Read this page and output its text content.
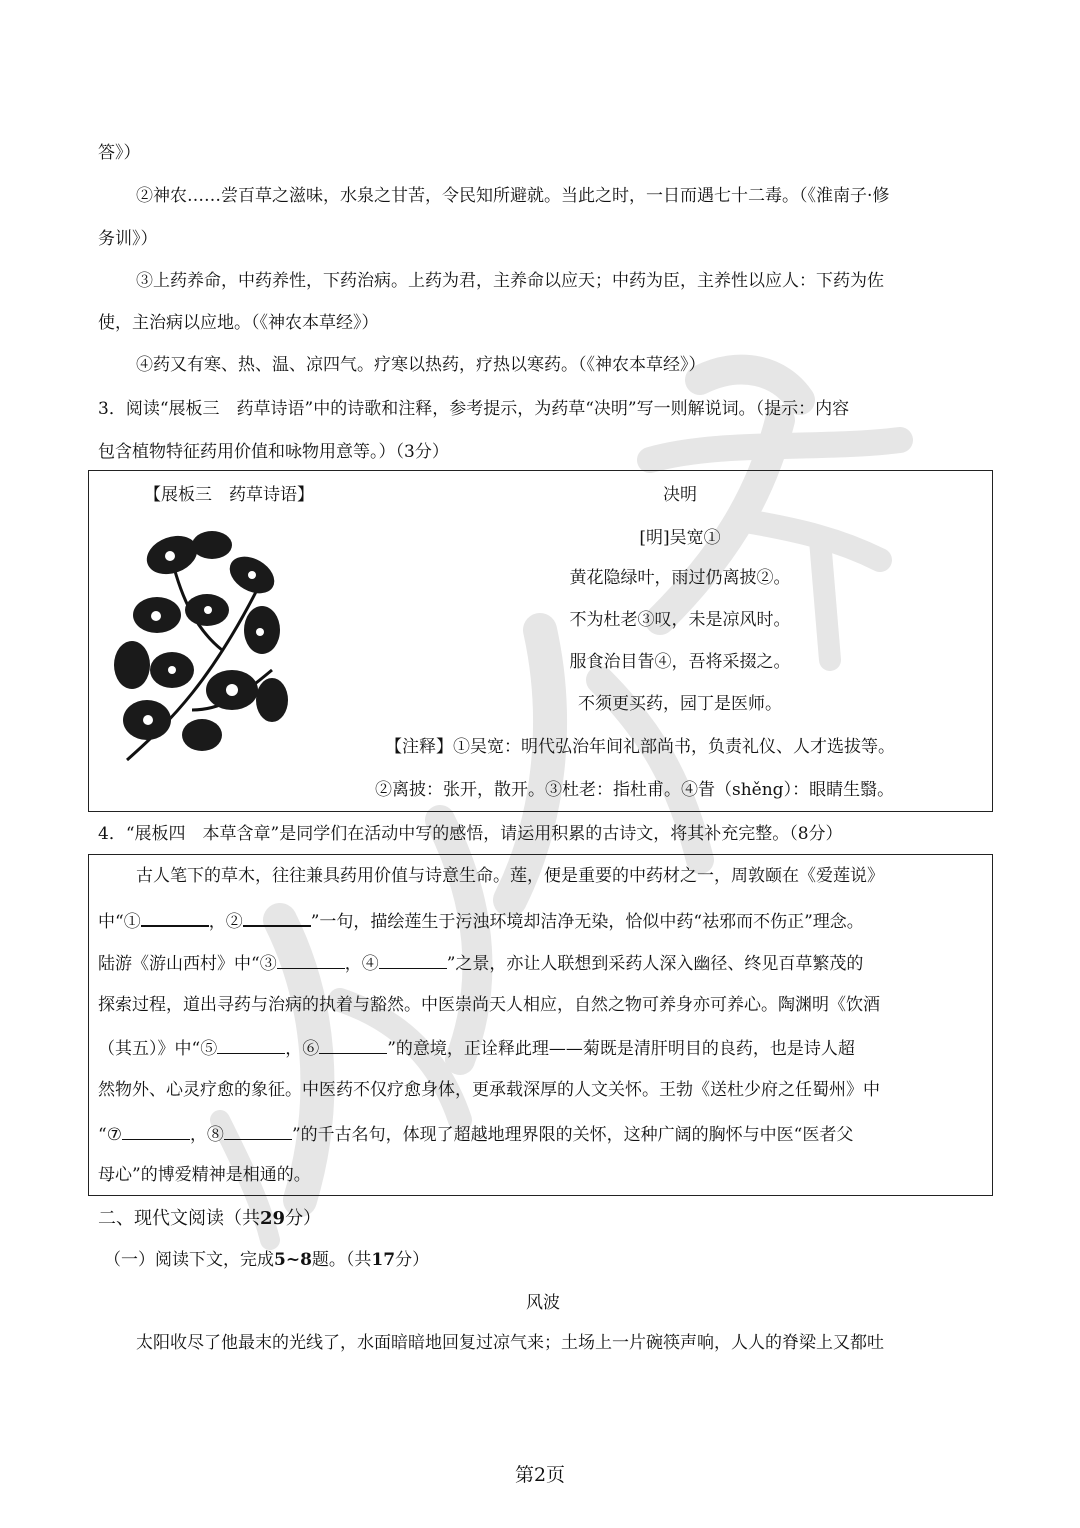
答》）
②神农……尝百草之滋味，水泉之甘苦，令民知所避就。当此之时，一日而遇七十二毒。（《淮南子·修
务训》）
③上药养命，中药养性，下药治病。上药为君，主养命以应天；中药为臣，主养性以应人：下药为佐
使，主治病以应地。（《神农本草经》）
④药又有寒、热、温、凉四气。疗寒以热药，疗热以寒药。（《神农本草经》）
3．阅读“展板三　药草诗语”中的诗歌和注释，参考提示，为药草“决明”写一则解说词。（提示：内容
包含植物特征药用价值和咏物用意等。）（3分）
【展板三　药草诗语】	决明
[明]吴宽①
黄花隐绿叶，雨过仍离披②。
不为杜老③叹，未是凉风时。
服食治目眚④，吾将采掇之。
不须更买药，园丁是医师。
【注释】①吴宽：明代弘治年间礼部尚书，负责礼仪、人才选拔等。
②离披：张开，散开。③杜老：指杜甫。④眚（shěng）：眼睛生翳。
4．“展板四　本草含章”是同学们在活动中写的感悟，请运用积累的古诗文，将其补充完整。（8分）
古人笔下的草木，往往兼具药用价值与诗意生命。莲，便是重要的中药材之一，周敦颐在《爱莲说》
中“①	，②	”一句，描绘莲生于污浊环境却洁净无染，恰似中药“祛邪而不伤正”理念。
陆游《游山西村》中“③	，④	”之景，亦让人联想到采药人深入幽径、终见百草繁茂的
探索过程，道出寻药与治病的执着与豁然。中医崇尚天人相应，自然之物可养身亦可养心。陶渊明《饮酒
（其五）》中“⑤	，⑥	”的意境，正诠释此理——菊既是清肝明目的良药，也是诗人超
然物外、心灵疗愈的象征。中医药不仅疗愈身体，更承载深厚的人文关怀。王勃《送杜少府之任蜀州》中
“⑦	，⑧	”的千古名句，体现了超越地理界限的关怀，这种广阔的胸怀与中医“医者父
母心”的博爱精神是相通的。
二、现代文阅读（共29分）
（一）阅读下文，完成5~8题。（共17分）
风波
太阳收尽了他最末的光线了，水面暗暗地回复过凉气来；土场上一片碗筷声响，人人的脊梁上又都吐
第2页
